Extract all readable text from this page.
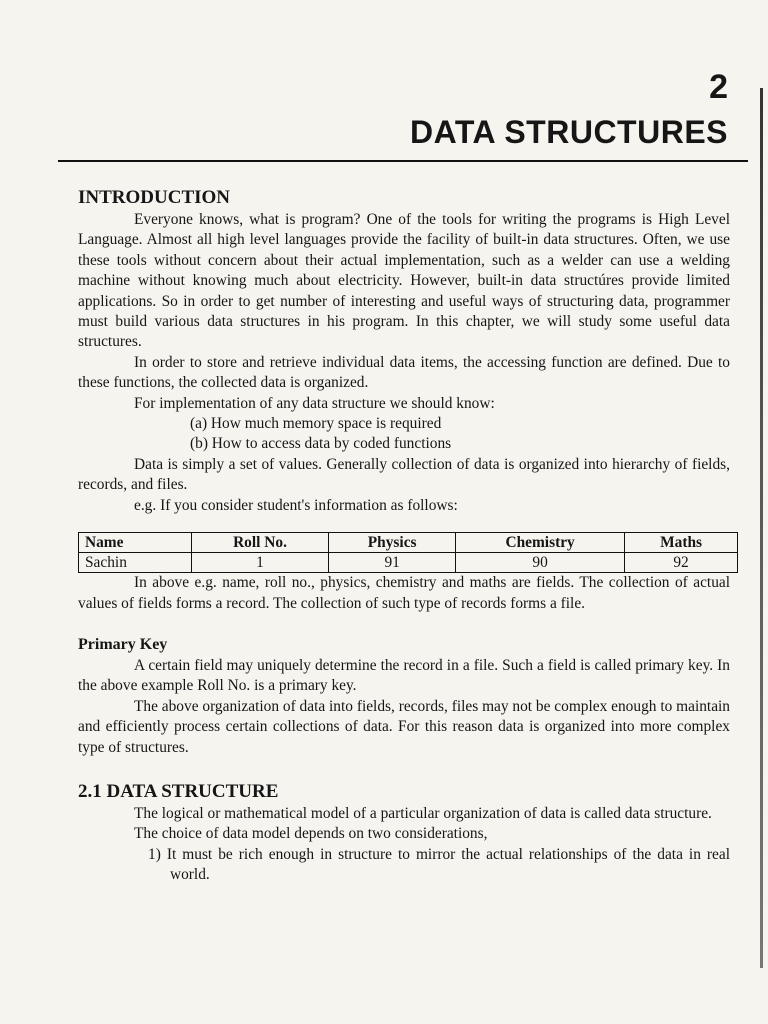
2
DATA STRUCTURES
INTRODUCTION

Everyone knows, what is program? One of the tools for writing the programs is High Level Language. Almost all high level languages provide the facility of built-in data structures. Often, we use these tools without concern about their actual implementation, such as a welder can use a welding machine without knowing much about electricity. However, built-in data structúres provide limited applications. So in order to get number of interesting and useful ways of structuring data, programmer must build various data structures in his program. In this chapter, we will study some useful data structures.

In order to store and retrieve individual data items, the accessing function are defined. Due to these functions, the collected data is organized.

For implementation of any data structure we should know:

(a) How much memory space is required

(b) How to access data by coded functions

Data is simply a set of values. Generally collection of data is organized into hierarchy of fields, records, and files.

e.g. If you consider student's information as follows:

Name	Roll No.	Physics	Chemistry	Maths
Sachin	1	91	90	92

In above e.g. name, roll no., physics, chemistry and maths are fields. The collection of actual values of fields forms a record. The collection of such type of records forms a file.

Primary Key

A certain field may uniquely determine the record in a file. Such a field is called primary key. In the above example Roll No. is a primary key.

The above organization of data into fields, records, files may not be complex enough to maintain and efficiently process certain collections of data. For this reason data is organized into more complex type of structures.

2.1 DATA STRUCTURE

The logical or mathematical model of a particular organization of data is called data structure.

The choice of data model depends on two considerations,

1) It must be rich enough in structure to mirror the actual relationships of the data in real world.
